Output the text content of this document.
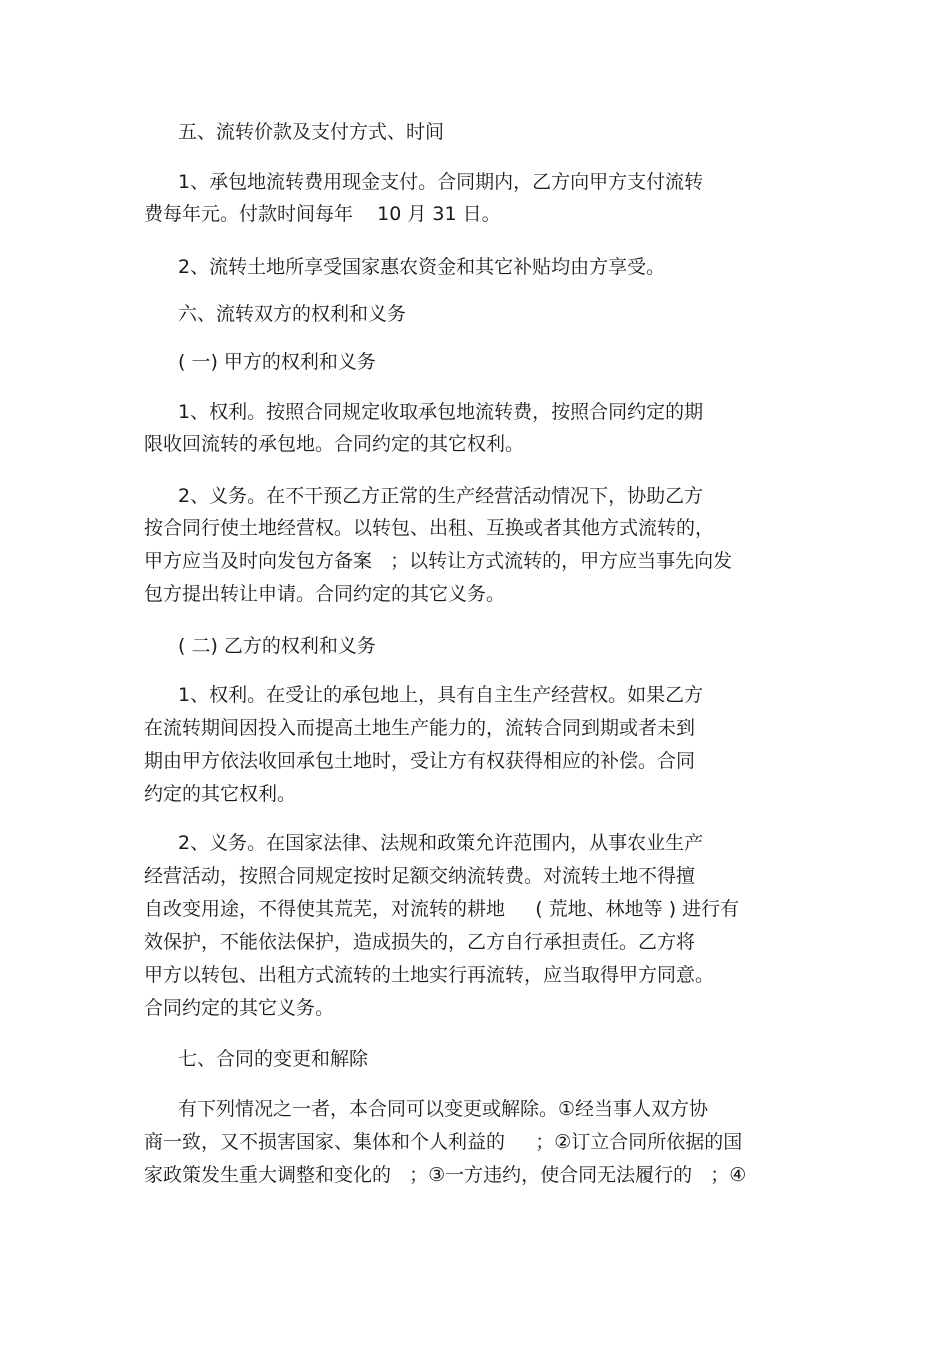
五、流转价款及支付方式、时间
1、承包地流转费用现金支付。合同期内，乙方向甲方支付流转
费每年元。付款时间每年    10 月 31 日。
2、流转土地所享受国家惠农资金和其它补贴均由方享受。
六、流转双方的权利和义务
( 一) 甲方的权利和义务
1、权利。按照合同规定收取承包地流转费，按照合同约定的期
限收回流转的承包地。合同约定的其它权利。
2、义务。在不干预乙方正常的生产经营活动情况下，协助乙方
按合同行使土地经营权。以转包、出租、互换或者其他方式流转的，
甲方应当及时向发包方备案   ；以转让方式流转的，甲方应当事先向发
包方提出转让申请。合同约定的其它义务。
( 二) 乙方的权利和义务
1、权利。在受让的承包地上，具有自主生产经营权。如果乙方
在流转期间因投入而提高土地生产能力的，流转合同到期或者未到
期由甲方依法收回承包土地时，受让方有权获得相应的补偿。合同
约定的其它权利。
2、义务。在国家法律、法规和政策允许范围内，从事农业生产
经营活动，按照合同规定按时足额交纳流转费。对流转土地不得擅
自改变用途，不得使其荒芜，对流转的耕地     ( 荒地、林地等 ) 进行有
效保护，不能依法保护，造成损失的，乙方自行承担责任。乙方将
甲方以转包、出租方式流转的土地实行再流转，应当取得甲方同意。
合同约定的其它义务。
七、合同的变更和解除
有下列情况之一者，本合同可以变更或解除。①经当事人双方协
商一致，又不损害国家、集体和个人利益的     ；②订立合同所依据的国
家政策发生重大调整和变化的   ；③一方违约，使合同无法履行的   ；④
